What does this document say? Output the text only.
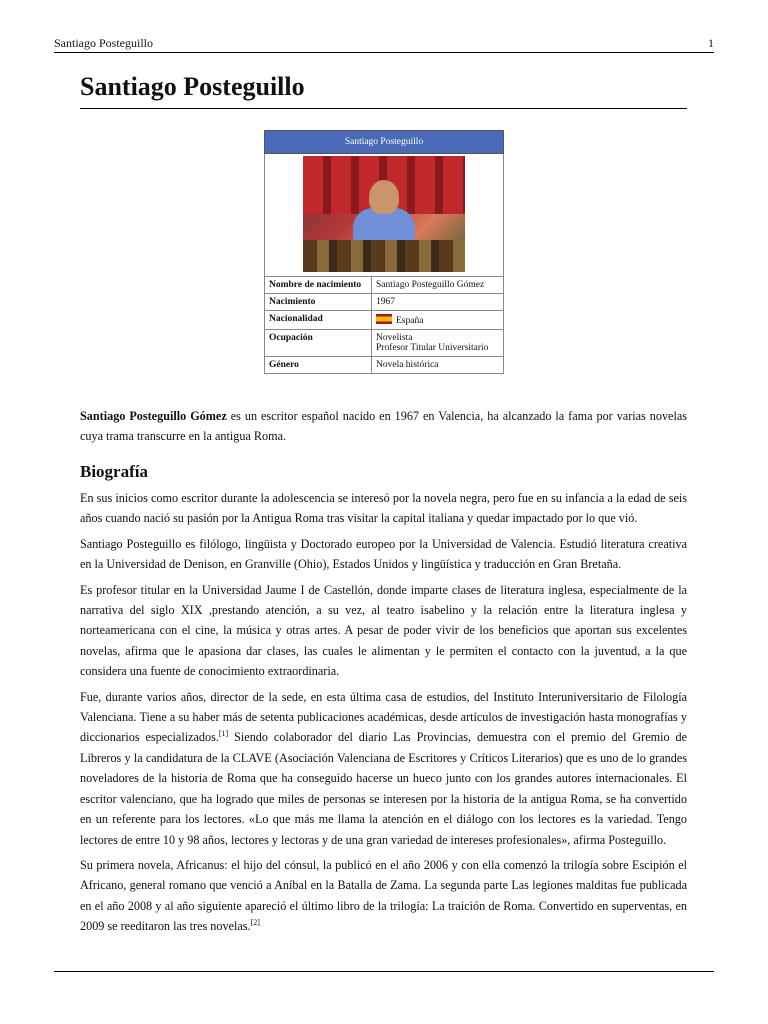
Santiago Posteguillo	1
Santiago Posteguillo
Santiago Posteguillo	

Nombre de nacimiento	Santiago Posteguillo Gómez
Nacimiento	1967
Nacionalidad	España
Ocupación	Novelista
Profesor Titular Universitario

Género	Novela histórica

Santiago Posteguillo Gómez es un escritor español nacido en 1967 en Valencia, ha alcanzado la fama por varias novelas cuya trama transcurre en la antigua Roma.

Biografía

En sus inicios como escritor durante la adolescencia se interesó por la novela negra, pero fue en su infancia a la edad de seis años cuando nació su pasión por la Antigua Roma tras visitar la capital italiana y quedar impactado por lo que vió.

Santiago Posteguillo es filólogo, lingüista y Doctorado europeo por la Universidad de Valencia. Estudió literatura creativa en la Universidad de Denison, en Granville (Ohio), Estados Unidos y lingüística y traducción en Gran Bretaña.

Es profesor titular en la Universidad Jaume I de Castellón, donde imparte clases de literatura inglesa, especialmente de la narrativa del siglo XIX ,prestando atención, a su vez, al teatro isabelino y la relación entre la literatura inglesa y norteamericana con el cine, la música y otras artes. A pesar de poder vivir de los beneficios que aportan sus excelentes novelas, afirma que le apasiona dar clases, las cuales le alimentan y le permiten el contacto con la juventud, a la que considera una fuente de conocimiento extraordinaria.

Fue, durante varios años, director de la sede, en esta última casa de estudios, del Instituto Interuniversitario de Filología Valenciana. Tiene a su haber más de setenta publicaciones académicas, desde artículos de investigación hasta monografías y diccionarios especializados.[1] Siendo colaborador del diario Las Provincias, demuestra con el premio del Gremio de Libreros y la candidatura de la CLAVE (Asociación Valenciana de Escritores y Críticos Literarios) que es uno de lo grandes noveladores de la historia de Roma que ha conseguido hacerse un hueco junto con los grandes autores internacionales. El escritor valenciano, que ha logrado que miles de personas se interesen por la historia de la antigua Roma, se ha convertido en un referente para los lectores. «Lo que más me llama la atención en el diálogo con los lectores es la variedad. Tengo lectores de entre 10 y 98 años, lectores y lectoras y de una gran variedad de intereses profesionales», afirma Posteguillo.

Su primera novela, Africanus: el hijo del cónsul, la publicó en el año 2006 y con ella comenzó la trilogía sobre Escipión el Africano, general romano que venció a Aníbal en la Batalla de Zama. La segunda parte Las legiones malditas fue publicada en el año 2008 y al año siguiente apareció el último libro de la trilogía: La traición de Roma. Convertido en superventas, en 2009 se reeditaron las tres novelas.[2]
